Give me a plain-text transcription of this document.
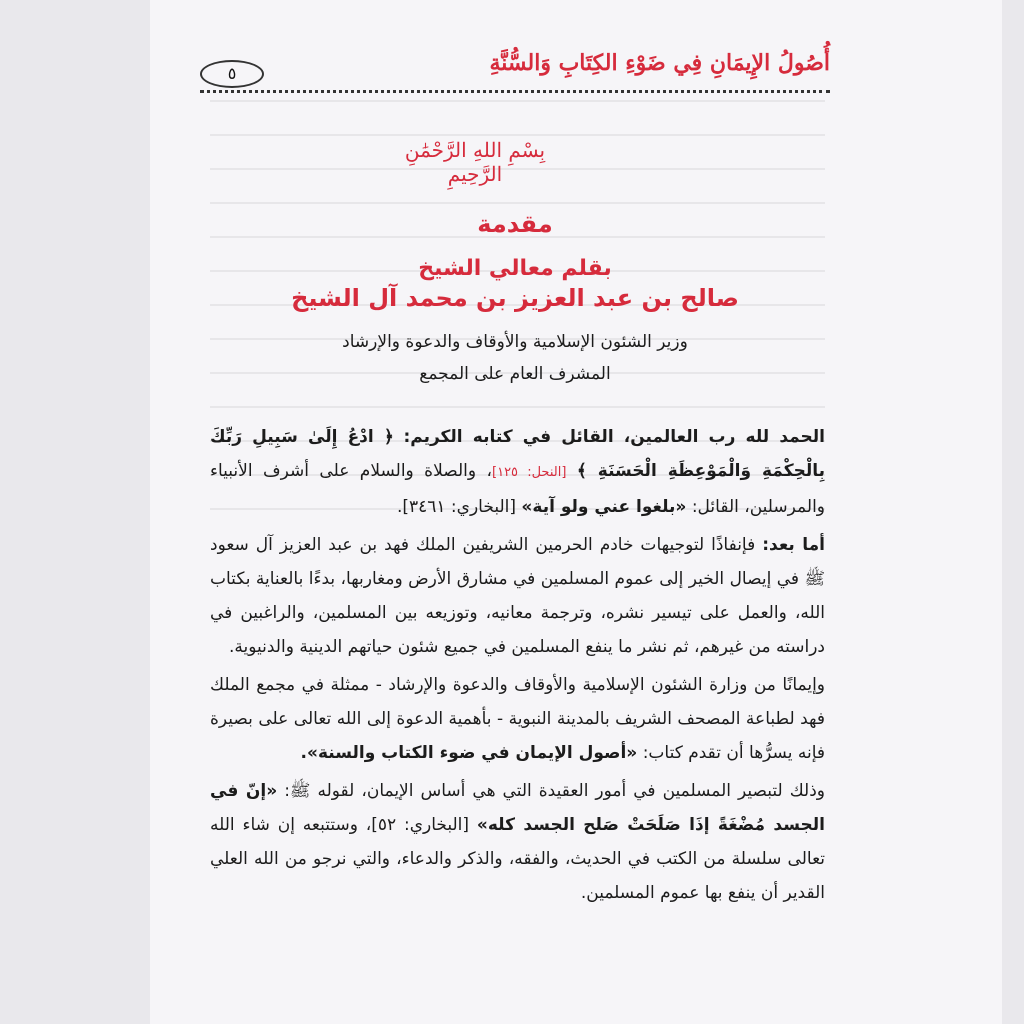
أُصُولُ الإِيمَانِ فِي ضَوْءِ الكِتَابِ وَالسُّنَّةِ
٥
بِسْمِ اللهِ الرَّحْمَٰنِ الرَّحِيمِ
مقدمة
بقلم معالي الشيخ
صالح بن عبد العزيز بن محمد آل الشيخ
وزير الشئون الإسلامية والأوقاف والدعوة والإرشاد
المشرف العام على المجمع

الحمد لله رب العالمين، القائل في كتابه الكريم: ﴿ ادْعُ إِلَىٰ سَبِيلِ رَبِّكَ بِالْحِكْمَةِ وَالْمَوْعِظَةِ الْحَسَنَةِ ﴾ [النحل: ١٢٥]، والصلاة والسلام على أشرف الأنبياء والمرسلين، القائل: «بلغوا عني ولو آية» [البخاري: ٣٤٦١].

أما بعد: فإنفاذًا لتوجيهات خادم الحرمين الشريفين الملك فهد بن عبد العزيز آل سعود ﷺ في إيصال الخير إلى عموم المسلمين في مشارق الأرض ومغاربها، بدءًا بالعناية بكتاب الله، والعمل على تيسير نشره، وترجمة معانيه، وتوزيعه بين المسلمين، والراغبين في دراسته من غيرهم، ثم نشر ما ينفع المسلمين في جميع شئون حياتهم الدينية والدنيوية.

وإيمانًا من وزارة الشئون الإسلامية والأوقاف والدعوة والإرشاد - ممثلة في مجمع الملك فهد لطباعة المصحف الشريف بالمدينة النبوية - بأهمية الدعوة إلى الله تعالى على بصيرة فإنه يسرُّها أن تقدم كتاب: «أصول الإيمان في ضوء الكتاب والسنة».

وذلك لتبصير المسلمين في أمور العقيدة التي هي أساس الإيمان، لقوله ﷺ: «إنّ في الجسد مُضْغَةً إذَا صَلَحَتْ صَلح الجسد كله» [البخاري: ٥٢]، وستتبعه إن شاء الله تعالى سلسلة من الكتب في الحديث، والفقه، والذكر والدعاء، والتي نرجو من الله العلي القدير أن ينفع بها عموم المسلمين.
